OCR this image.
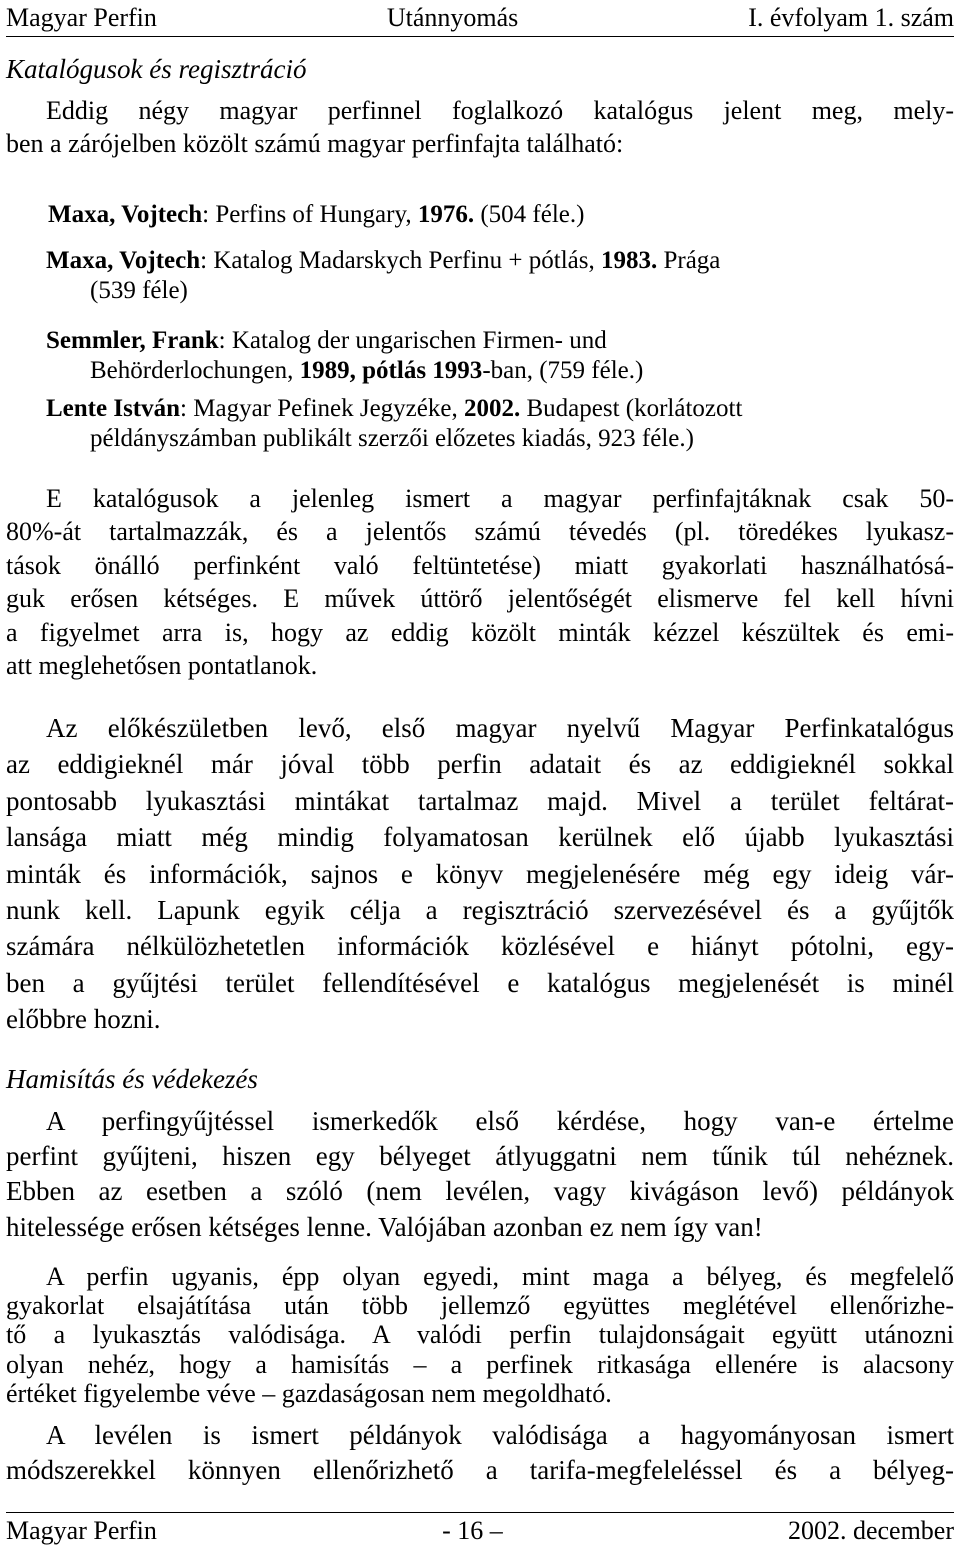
Magyar Perfin	Utánnyomás	I. évfolyam 1. szám
Katalógusok és regisztráció
Eddig négy magyar perfinnel foglalkozó katalógus jelent meg, mely-
ben a zárójelben közölt számú magyar perfinfajta található:
Maxa, Vojtech: Perfins of Hungary, 1976. (504 féle.)
Maxa, Vojtech: Katalog Madarskych Perfinu + pótlás, 1983. Prága
(539 féle)
Semmler, Frank: Katalog der ungarischen Firmen- und
Behörderlochungen, 1989, pótlás 1993-ban, (759 féle.)
Lente István: Magyar Pefinek Jegyzéke, 2002. Budapest (korlátozott
példányszámban publikált szerzői előzetes kiadás, 923 féle.)
E katalógusok a jelenleg ismert a magyar perfinfajtáknak csak 50-
80%-át tartalmazzák, és a jelentős számú tévedés (pl. töredékes lyukasz-
tások önálló perfinként való feltüntetése) miatt gyakorlati használhatósá-
guk erősen kétséges. E művek úttörő jelentőségét elismerve fel kell hívni
a figyelmet arra is, hogy az eddig közölt minták kézzel készültek és emi-
att meglehetősen pontatlanok.
Az előkészületben levő, első magyar nyelvű Magyar Perfinkatalógus
az eddigieknél már jóval több perfin adatait és az eddigieknél sokkal
pontosabb lyukasztási mintákat tartalmaz majd. Mivel a terület feltárat-
lansága miatt még mindig folyamatosan kerülnek elő újabb lyukasztási
minták és információk, sajnos e könyv megjelenésére még egy ideig vár-
nunk kell. Lapunk egyik célja a regisztráció szervezésével és a gyűjtők
számára nélkülözhetetlen információk közlésével e hiányt pótolni, egy-
ben a gyűjtési terület fellendítésével e katalógus megjelenését is minél
előbbre hozni.
Hamisítás és védekezés
A perfingyűjtéssel ismerkedők első kérdése, hogy van-e értelme
perfint gyűjteni, hiszen egy bélyeget átlyuggatni nem tűnik túl nehéznek.
Ebben az esetben a szóló (nem levélen, vagy kivágáson levő) példányok
hitelessége erősen kétséges lenne. Valójában azonban ez nem így van!
A perfin ugyanis, épp olyan egyedi, mint maga a bélyeg, és megfelelő
gyakorlat elsajátítása után több jellemző együttes meglétével ellenőrizhe-
tő a lyukasztás valódisága. A valódi perfin tulajdonságait együtt utánozni
olyan nehéz, hogy a hamisítás – a perfinek ritkasága ellenére is alacsony
értéket figyelembe véve – gazdaságosan nem megoldható.
A levélen is ismert példányok valódisága a hagyományosan ismert
módszerekkel könnyen ellenőrizhető a tarifa-megfeleléssel és a bélyeg-
Magyar Perfin	- 16 –	2002. december
